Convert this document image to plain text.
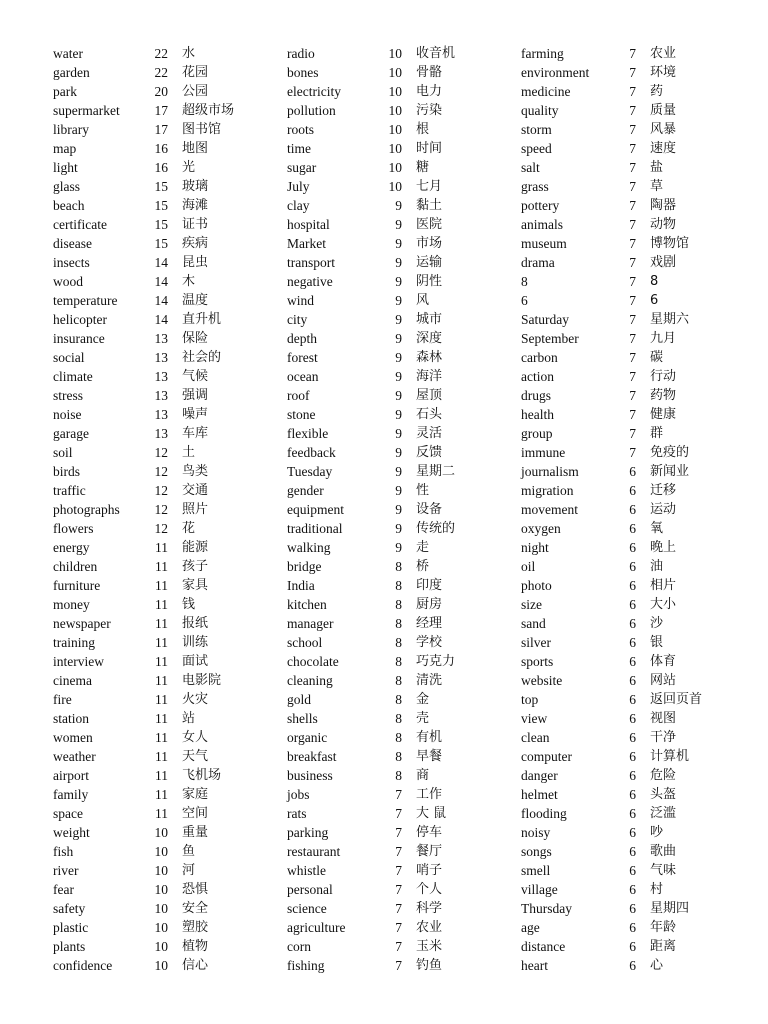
water	22 水
garden	22 花园
park	20 公园
supermarket	17 超级市场
library	17 图书馆
map	16 地图
light	16 光
glass	15 玻璃
beach	15 海滩
certificate	15 证书
disease	15 疾病
insects	14 昆虫
wood	14 木
temperature	14 温度
helicopter	14 直升机
insurance	13 保险
social	13 社会的
climate	13 气候
stress	13 强调
noise	13 噪声
garage	13 车库
soil	12 土
birds	12 鸟类
traffic	12 交通
photographs	12 照片
flowers	12 花
energy	11 能源
children	11 孩子
furniture	11 家具
money	11 钱
newspaper	11 报纸
training	11 训练
interview	11 面试
cinema	11 电影院
fire	11 火灾
station	11 站
women	11 女人
weather	11 天气
airport	11 飞机场
family	11 家庭
space	11 空间
weight	10 重量
fish	10 鱼
river	10 河
fear	10 恐惧
safety	10 安全
plastic	10 塑胶
plants	10 植物
confidence	10 信心
radio	10 收音机
bones	10 骨骼
electricity	10 电力
pollution	10 污染
roots	10 根
time	10 时间
sugar	10 糖
July	10 七月
clay	9 黏土
hospital	9 医院
Market	9 市场
transport	9 运输
negative	9 阴性
wind	9 风
city	9 城市
depth	9 深度
forest	9 森林
ocean	9 海洋
roof	9 屋顶
stone	9 石头
flexible	9 灵活
feedback	9 反馈
Tuesday	9 星期二
gender	9 性
equipment	9 设备
traditional	9 传统的
walking	9 走
bridge	8 桥
India	8 印度
kitchen	8 厨房
manager	8 经理
school	8 学校
chocolate	8 巧克力
cleaning	8 清洗
gold	8 金
shells	8 壳
organic	8 有机
breakfast	8 早餐
business	8 商
jobs	7 工作
rats	7 大 鼠
parking	7 停车
restaurant	7 餐厅
whistle	7 哨子
personal	7 个人
science	7 科学
agriculture	7 农业
corn	7 玉米
fishing	7 钓鱼
farming	7 农业
environment	7 环境
medicine	7 药
quality	7 质量
storm	7 风暴
speed	7 速度
salt	7 盐
grass	7 草
pottery	7 陶器
animals	7 动物
museum	7 博物馆
drama	7 戏剧
8	7 8
6	7 6
Saturday	7 星期六
September	7 九月
carbon	7 碳
action	7 行动
drugs	7 药物
health	7 健康
group	7 群
immune	7 免疫的
journalism	6 新闻业
migration	6 迁移
movement	6 运动
oxygen	6 氧
night	6 晚上
oil	6 油
photo	6 相片
size	6 大小
sand	6 沙
silver	6 银
sports	6 体育
website	6 网站
top	6 返回页首
view	6 视图
clean	6 干净
computer	6 计算机
danger	6 危险
helmet	6 头盔
flooding	6 泛滥
noisy	6 吵
songs	6 歌曲
smell	6 气味
village	6 村
Thursday	6 星期四
age	6 年龄
distance	6 距离
heart	6 心
